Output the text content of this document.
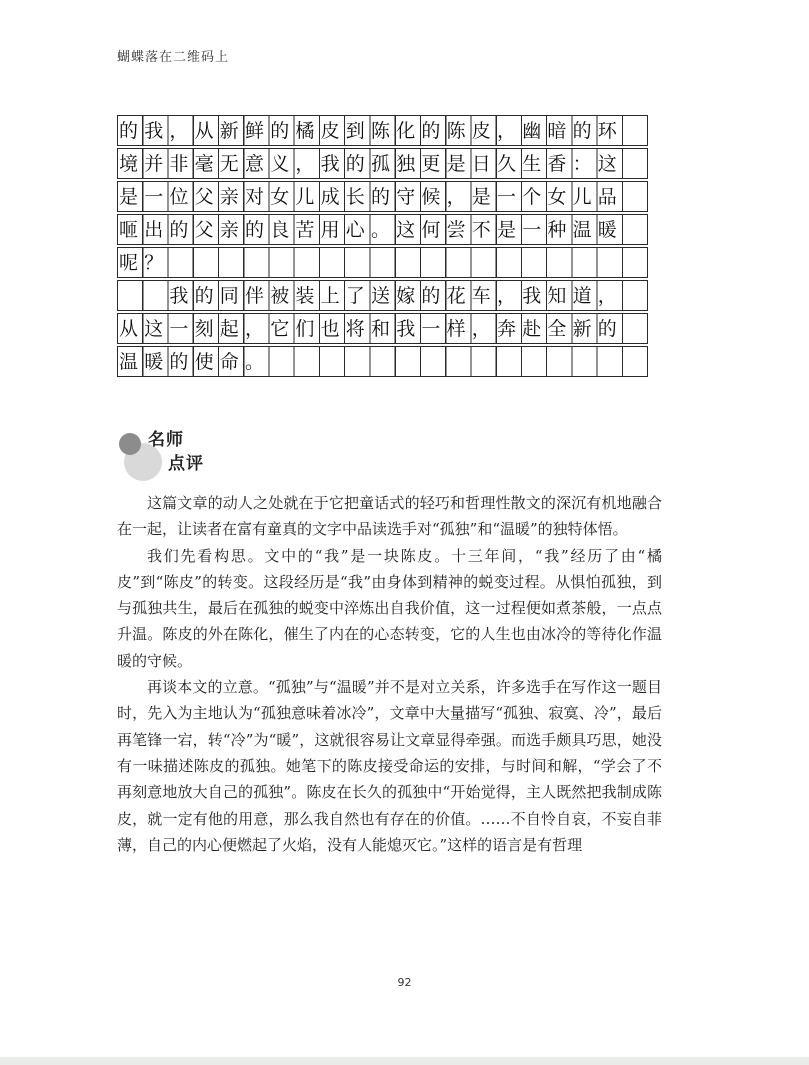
蝴蝶落在二维码上
的我，从新鲜的橘皮到陈化的陈皮，幽暗的环
境并非毫无意义，我的孤独更是日久生香：这
是一位父亲对女儿成长的守候，是一个女儿品
咂出的父亲的良苦用心。这何尝不是一种温暖
呢？
　　我的同伴被装上了送嫁的花车，我知道，
从这一刻起，它们也将和我一样，奔赴全新的
温暖的使命。
名师
点评

这篇文章的动人之处就在于它把童话式的轻巧和哲理性散文的深沉有机地融合在一起，让读者在富有童真的文字中品读选手对“孤独”和“温暖”的独特体悟。

我们先看构思。文中的“我”是一块陈皮。十三年间，“我”经历了由“橘皮”到“陈皮”的转变。这段经历是“我”由身体到精神的蜕变过程。从惧怕孤独，到与孤独共生，最后在孤独的蜕变中淬炼出自我价值，这一过程便如煮茶般，一点点升温。陈皮的外在陈化，催生了内在的心态转变，它的人生也由冰冷的等待化作温暖的守候。

再谈本文的立意。“孤独”与“温暖”并不是对立关系，许多选手在写作这一题目时，先入为主地认为“孤独意味着冰冷”，文章中大量描写“孤独、寂寞、冷”，最后再笔锋一宕，转“冷”为“暖”，这就很容易让文章显得牵强。而选手颇具巧思，她没有一味描述陈皮的孤独。她笔下的陈皮接受命运的安排，与时间和解，“学会了不再刻意地放大自己的孤独”。陈皮在长久的孤独中“开始觉得，主人既然把我制成陈皮，就一定有他的用意，那么我自然也有存在的价值。……不自怜自哀，不妄自菲薄，自己的内心便燃起了火焰，没有人能熄灭它。”这样的语言是有哲理

92
